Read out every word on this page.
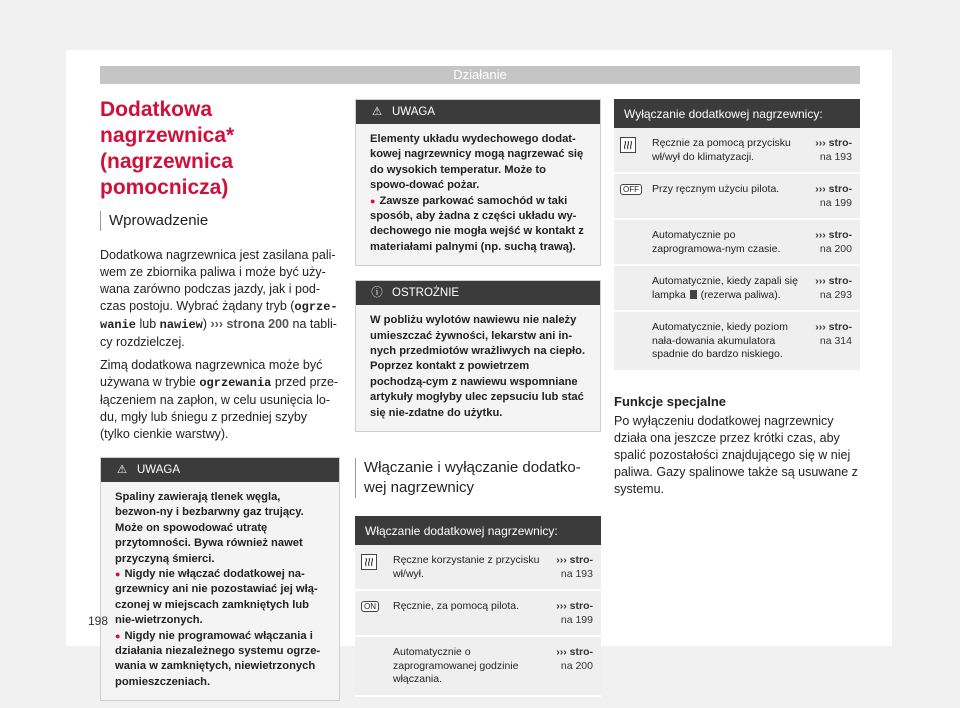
Działanie
Dodatkowa nagrzewnica*
(nagrzewnica pomocnicza)
Wprowadzenie

Dodatkowa nagrzewnica jest zasilana pali-wem ze zbiornika paliwa i może być uży-wana zarówno podczas jazdy, jak i pod-czas postoju. Wybrać żądany tryb (ogrze-wanie lub nawiew) ››› strona 200 na tabli-cy rozdzielczej.

Zimą dodatkowa nagrzewnica może być używana w trybie ogrzewania przed prze-łączeniem na zapłon, w celu usunięcia lo-du, mgły lub śniegu z przedniej szyby (tylko cienkie warstwy).

⚠ UWAGA

Spaliny zawierają tlenek węgla, bezwon-ny i bezbarwny gaz trujący. Może on spowodować utratę przytomności. Bywa również nawet przyczyną śmierci.

● Nigdy nie włączać dodatkowej na-grzewnicy ani nie pozostawiać jej włą-czonej w miejscach zamkniętych lub nie-wietrzonych.

● Nigdy nie programować włączania i działania niezależnego systemu ogrze-wania w zamkniętych, niewietrzonych pomieszczeniach.

⚠ UWAGA

Elementy układu wydechowego dodat-kowej nagrzewnicy mogą nagrzewać się do wysokich temperatur. Może to spowo-dować pożar.

● Zawsze parkować samochód w taki sposób, aby żadna z części układu wy-dechowego nie mogła wejść w kontakt z materiałami palnymi (np. suchą trawą).

ⓘ OSTROŻNIE

W pobliżu wylotów nawiewu nie należy umieszczać żywności, lekarstw ani in-nych przedmiotów wrażliwych na ciepło. Poprzez kontakt z powietrzem pochodzą-cym z nawiewu wspomniane artykuły mogłyby ulec zepsuciu lub stać się nie-zdatne do użytku.

Włączanie i wyłączanie dodatko-wej nagrzewnicy
Włączanie dodatkowej nagrzewnicy:		
	Ręczne korzystanie z przycisku wł/wył.	››› stro-
na 193
ON	Ręcznie, za pomocą pilota.	››› stro-
na 199
	Automatycznie o zaprogramowanej godzinie włączania.	››› stro-
na 200
Wyłączanie dodatkowej nagrzewnicy:		
	Ręcznie za pomocą przycisku wł/wył do klimatyzacji.	››› stro-
na 193
OFF	Przy ręcznym użyciu pilota.	››› stro-
na 199
	Automatycznie po zaprogramowa-nym czasie.	››› stro-
na 200
	Automatycznie, kiedy zapali się lampka  (rezerwa paliwa).	››› stro-
na 293
	Automatycznie, kiedy poziom nała-dowania akumulatora spadnie do bardzo niskiego.	››› stro-
na 314
Funkcje specjalne

Po wyłączeniu dodatkowej nagrzewnicy działa ona jeszcze przez krótki czas, aby spalić pozostałości znajdującego się w niej paliwa. Gazy spalinowe także są usuwane z systemu.

198
